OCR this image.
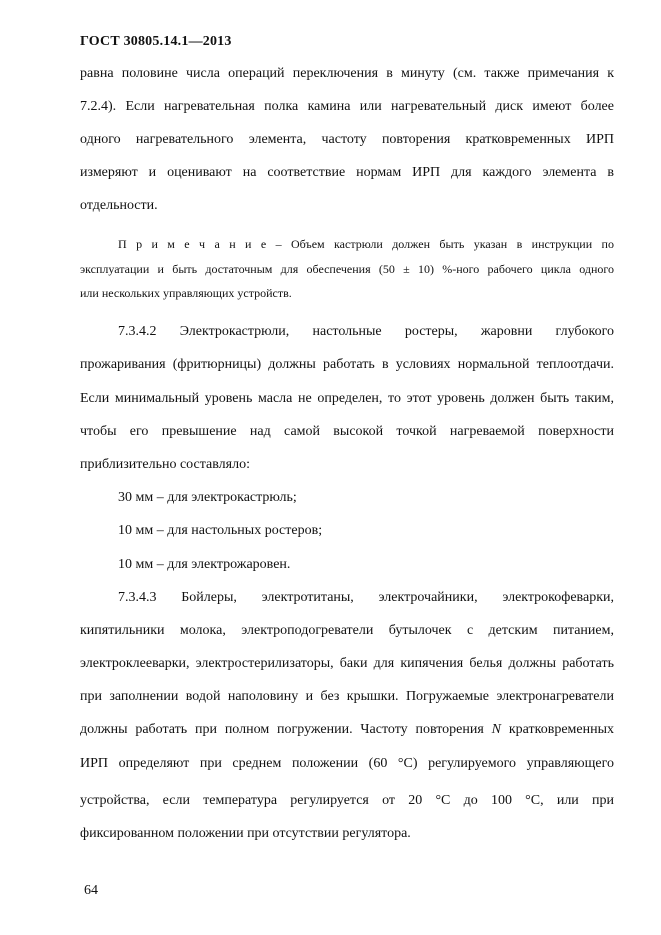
ГОСТ 30805.14.1—2013
равна половине числа операций переключения в минуту (см. также примечания к
7.2.4). Если нагревательная полка камина или нагревательный диск имеют более
одного нагревательного элемента, частоту повторения кратковременных ИРП
измеряют и оценивают на соответствие нормам ИРП для каждого элемента в
отдельности.
П р и м е ч а н и е – Объем кастрюли должен быть указан в инструкции по
эксплуатации и быть достаточным для обеспечения (50 ± 10) %-ного рабочего цикла одного
или нескольких управляющих устройств.
7.3.4.2 Электрокастрюли, настольные ростеры, жаровни глубокого
прожаривания (фритюрницы) должны работать в условиях нормальной теплоотдачи.
Если минимальный уровень масла не определен, то этот уровень должен быть таким,
чтобы его превышение над самой высокой точкой нагреваемой поверхности
приблизительно составляло:
30 мм – для электрокастрюль;
10 мм – для настольных ростеров;
10 мм – для электрожаровен.
7.3.4.3 Бойлеры, электротитаны, электрочайники, электрокофеварки,
кипятильники молока, электроподогреватели бутылочек с детским питанием,
электроклееварки, электростерилизаторы, баки для кипячения белья должны работать
при заполнении водой наполовину и без крышки. Погружаемые электронагреватели
должны работать при полном погружении. Частоту повторения N кратковременных
ИРП определяют при среднем положении (60 °С) регулируемого управляющего
устройства, если температура регулируется от 20 °С до 100 °С, или при
фиксированном положении при отсутствии регулятора.
64
